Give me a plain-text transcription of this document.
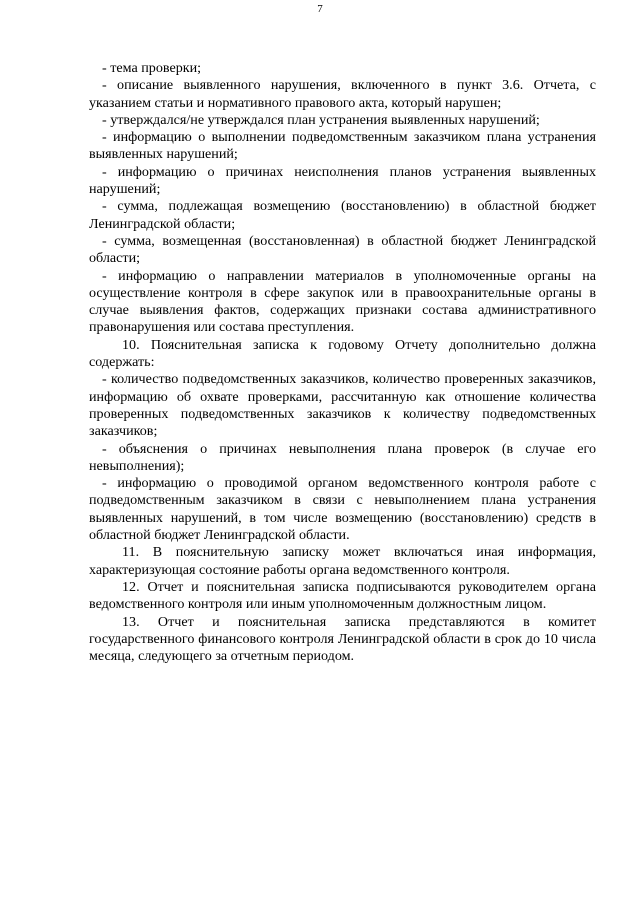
7

- тема проверки;

- описание выявленного нарушения, включенного в пункт 3.6. Отчета, с указанием статьи и нормативного правового акта, который нарушен;

- утверждался/не утверждался план устранения выявленных нарушений;

- информацию о выполнении подведомственным заказчиком плана устранения выявленных нарушений;

- информацию о причинах неисполнения планов устранения выявленных нарушений;

- сумма, подлежащая возмещению (восстановлению) в областной бюджет Ленинградской области;

- сумма, возмещенная (восстановленная) в областной бюджет Ленинградской области;

- информацию о направлении материалов в уполномоченные органы на осуществление контроля в сфере закупок или в правоохранительные органы в случае выявления фактов, содержащих признаки состава административного правонарушения или состава преступления.

10. Пояснительная записка к годовому Отчету дополнительно должна содержать:

- количество подведомственных заказчиков, количество проверенных заказчиков, информацию об охвате проверками, рассчитанную как отношение количества проверенных подведомственных заказчиков к количеству подведомственных заказчиков;

- объяснения о причинах невыполнения плана проверок (в случае его невыполнения);

- информацию о проводимой органом ведомственного контроля работе с подведомственным заказчиком в связи с невыполнением плана устранения выявленных нарушений, в том числе возмещению (восстановлению) средств в областной бюджет Ленинградской области.

11. В пояснительную записку может включаться иная информация, характеризующая состояние работы органа ведомственного контроля.

12. Отчет и пояснительная записка подписываются руководителем органа ведомственного контроля или иным уполномоченным должностным лицом.

13. Отчет и пояснительная записка представляются в комитет государственного финансового контроля Ленинградской области в срок до 10 числа месяца, следующего за отчетным периодом.
